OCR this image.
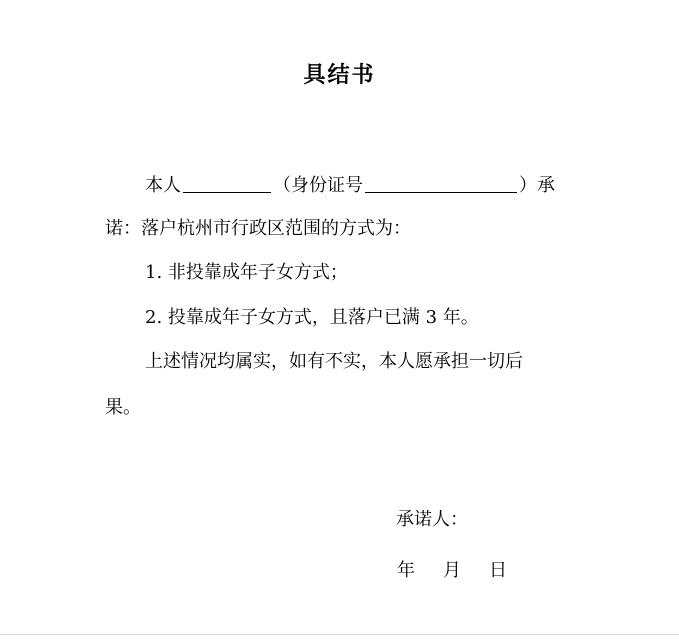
具结书
本人	（身份证号	）承
诺：落户杭州市行政区范围的方式为：
1. 非投靠成年子女方式；
2. 投靠成年子女方式，且落户已满 3 年。
上述情况均属实，如有不实，本人愿承担一切后
果。
承诺人：
年 月 日
